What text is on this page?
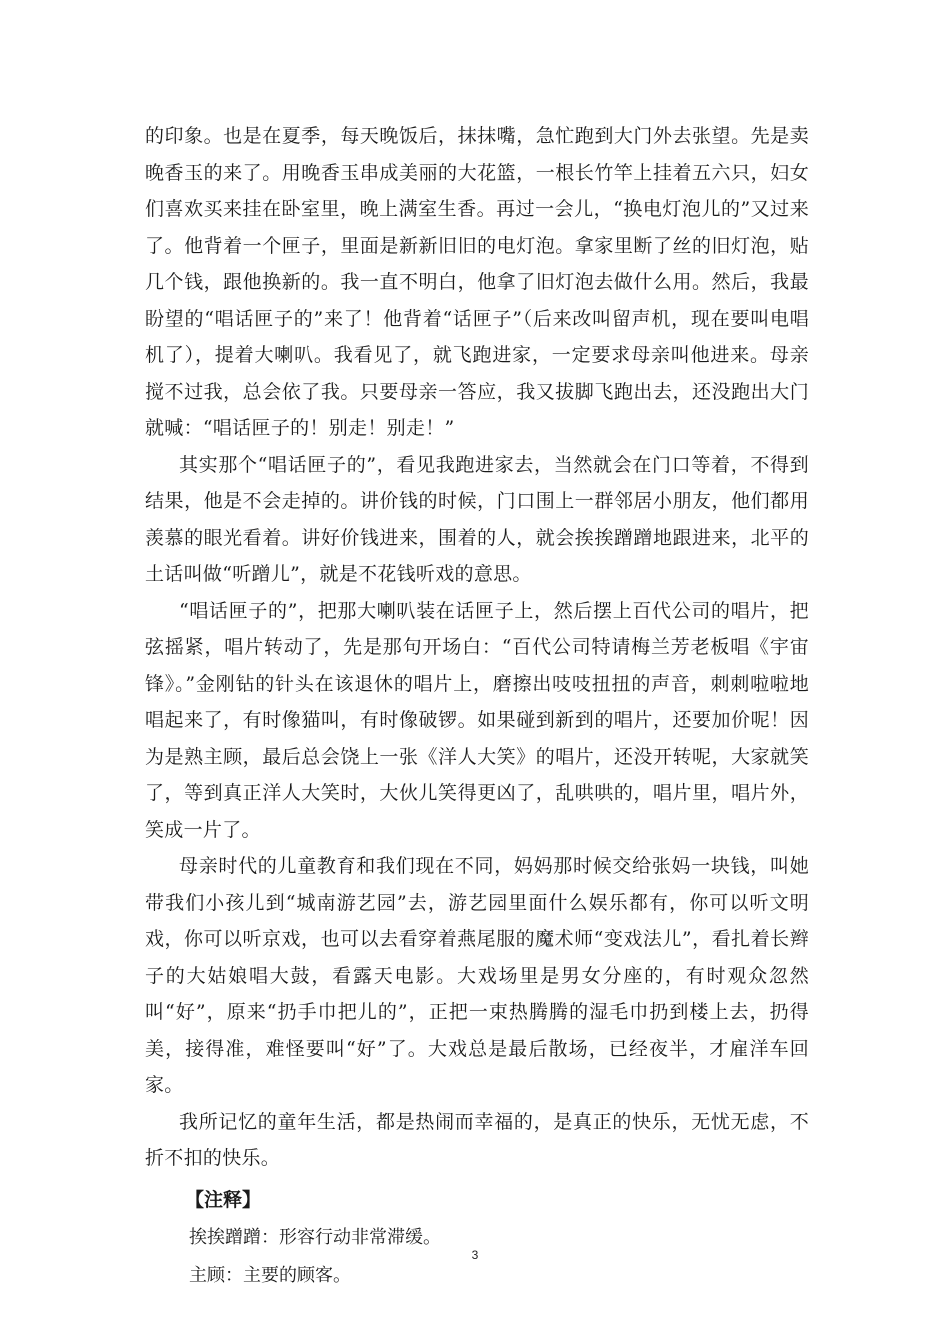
的印象。也是在夏季，每天晚饭后，抹抹嘴，急忙跑到大门外去张望。先是卖晚香玉的来了。用晚香玉串成美丽的大花篮，一根长竹竿上挂着五六只，妇女们喜欢买来挂在卧室里，晚上满室生香。再过一会儿，“换电灯泡儿的”又过来了。他背着一个匣子，里面是新新旧旧的电灯泡。拿家里断了丝的旧灯泡，贴几个钱，跟他换新的。我一直不明白，他拿了旧灯泡去做什么用。然后，我最盼望的“唱话匣子的”来了！他背着“话匣子”（后来改叫留声机，现在要叫电唱机了），提着大喇叭。我看见了，就飞跑进家，一定要求母亲叫他进来。母亲搅不过我，总会依了我。只要母亲一答应，我又拔脚飞跑出去，还没跑出大门就喊：“唱话匣子的！别走！别走！”

其实那个“唱话匣子的”，看见我跑进家去，当然就会在门口等着，不得到结果，他是不会走掉的。讲价钱的时候，门口围上一群邻居小朋友，他们都用羡慕的眼光看着。讲好价钱进来，围着的人，就会挨挨蹭蹭地跟进来，北平的土话叫做“听蹭儿”，就是不花钱听戏的意思。

“唱话匣子的”，把那大喇叭装在话匣子上，然后摆上百代公司的唱片，把弦摇紧，唱片转动了，先是那句开场白：“百代公司特请梅兰芳老板唱《宇宙锋》。”金刚钻的针头在该退休的唱片上，磨擦出吱吱扭扭的声音，刺刺啦啦地唱起来了，有时像猫叫，有时像破锣。如果碰到新到的唱片，还要加价呢！因为是熟主顾，最后总会饶上一张《洋人大笑》的唱片，还没开转呢，大家就笑了，等到真正洋人大笑时，大伙儿笑得更凶了，乱哄哄的，唱片里，唱片外，笑成一片了。

母亲时代的儿童教育和我们现在不同，妈妈那时候交给张妈一块钱，叫她带我们小孩儿到“城南游艺园”去，游艺园里面什么娱乐都有，你可以听文明戏，你可以听京戏，也可以去看穿着燕尾服的魔术师“变戏法儿”，看扎着长辫子的大姑娘唱大鼓，看露天电影。大戏场里是男女分座的，有时观众忽然叫“好”，原来“扔手巾把儿的”，正把一束热腾腾的湿毛巾扔到楼上去，扔得美，接得准，难怪要叫“好”了。大戏总是最后散场，已经夜半，才雇洋车回家。

我所记忆的童年生活，都是热闹而幸福的，是真正的快乐，无忧无虑，不折不扣的快乐。

【注释】

挨挨蹭蹭：形容行动非常滞缓。

主顾：主要的顾客。

3
